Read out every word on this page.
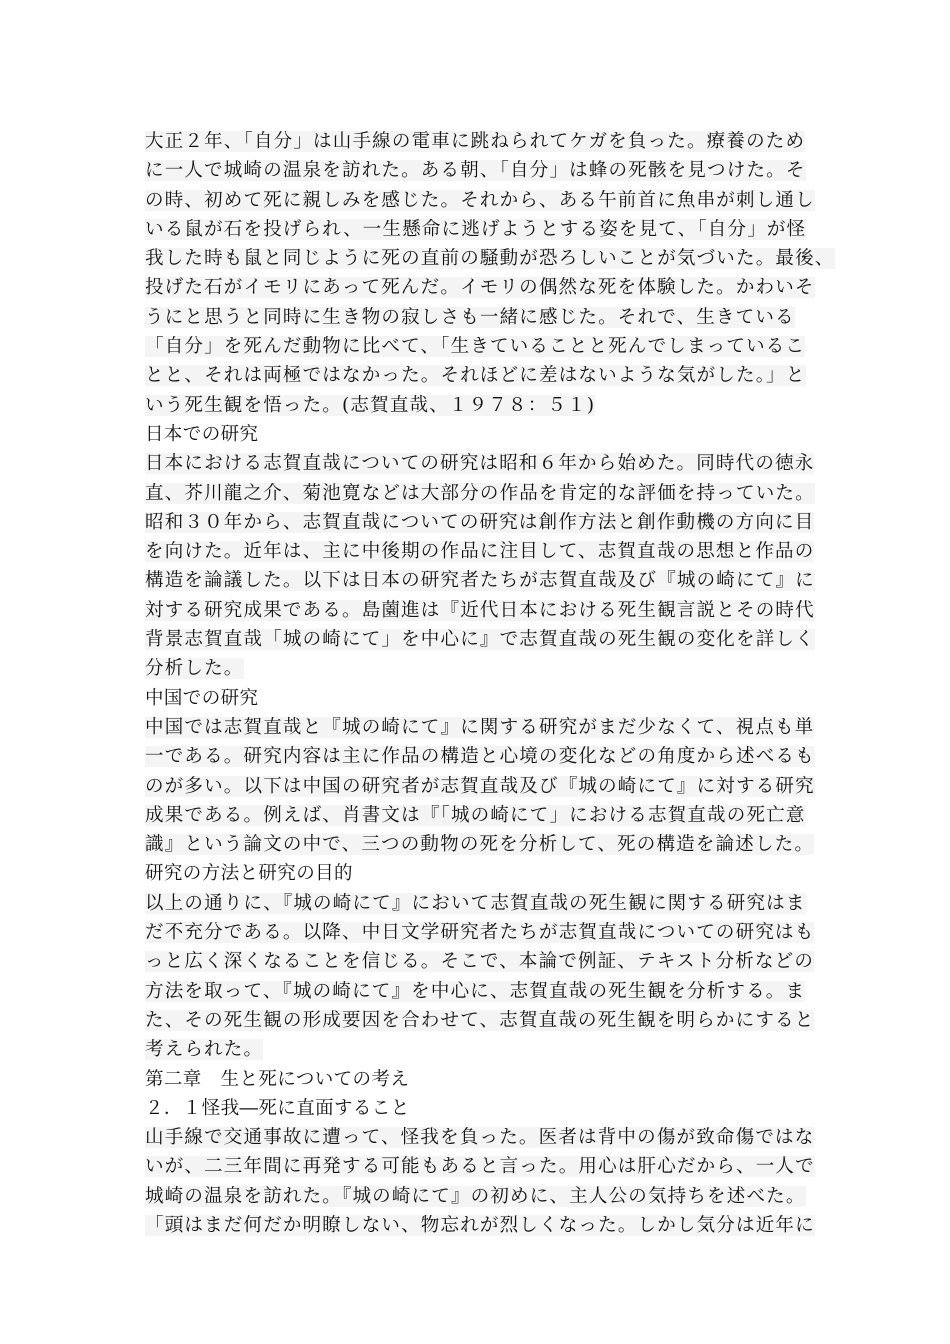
大正２年、「自分」は山手線の電車に跳ねられてケガを負った。療養のため
に一人で城崎の温泉を訪れた。ある朝、「自分」は蜂の死骸を見つけた。そ
の時、初めて死に親しみを感じた。それから、ある午前首に魚串が刺し通し
いる鼠が石を投げられ、一生懸命に逃げようとする姿を見て、「自分」が怪
我した時も鼠と同じように死の直前の騒動が恐ろしいことが気づいた。最後、
投げた石がイモリにあって死んだ。イモリの偶然な死を体験した。かわいそ
うにと思うと同時に生き物の寂しさも一緒に感じた。それで、生きている
「自分」を死んだ動物に比べて、「生きていることと死んでしまっているこ
とと、それは両極ではなかった。それほどに差はないような気がした。」と
いう死生観を悟った。(志賀直哉、１９７８：５１)
日本での研究
日本における志賀直哉についての研究は昭和６年から始めた。同時代の徳永
直、芥川龍之介、菊池寛などは大部分の作品を肯定的な評価を持っていた。
昭和３０年から、志賀直哉についての研究は創作方法と創作動機の方向に目
を向けた。近年は、主に中後期の作品に注目して、志賀直哉の思想と作品の
構造を論議した。以下は日本の研究者たちが志賀直哉及び『城の崎にて』に
対する研究成果である。島薗進は『近代日本における死生観言説とその時代
背景志賀直哉「城の崎にて」を中心に』で志賀直哉の死生観の変化を詳しく
分析した。
中国での研究
中国では志賀直哉と『城の崎にて』に関する研究がまだ少なくて、視点も単
一である。研究内容は主に作品の構造と心境の変化などの角度から述べるも
のが多い。以下は中国の研究者が志賀直哉及び『城の崎にて』に対する研究
成果である。例えば、肖書文は『「城の崎にて」における志賀直哉の死亡意
識』という論文の中で、三つの動物の死を分析して、死の構造を論述した。
研究の方法と研究の目的
以上の通りに、『城の崎にて』において志賀直哉の死生観に関する研究はま
だ不充分である。以降、中日文学研究者たちが志賀直哉についての研究はも
っと広く深くなることを信じる。そこで、本論で例証、テキスト分析などの
方法を取って、『城の崎にて』を中心に、志賀直哉の死生観を分析する。ま
た、その死生観の形成要因を合わせて、志賀直哉の死生観を明らかにすると
考えられた。
第二章　生と死についての考え
２．１怪我―死に直面すること
山手線で交通事故に遭って、怪我を負った。医者は背中の傷が致命傷ではな
いが、二三年間に再発する可能もあると言った。用心は肝心だから、一人で
城崎の温泉を訪れた。『城の崎にて』の初めに、主人公の気持ちを述べた。
「頭はまだ何だか明瞭しない、物忘れが烈しくなった。しかし気分は近年に
